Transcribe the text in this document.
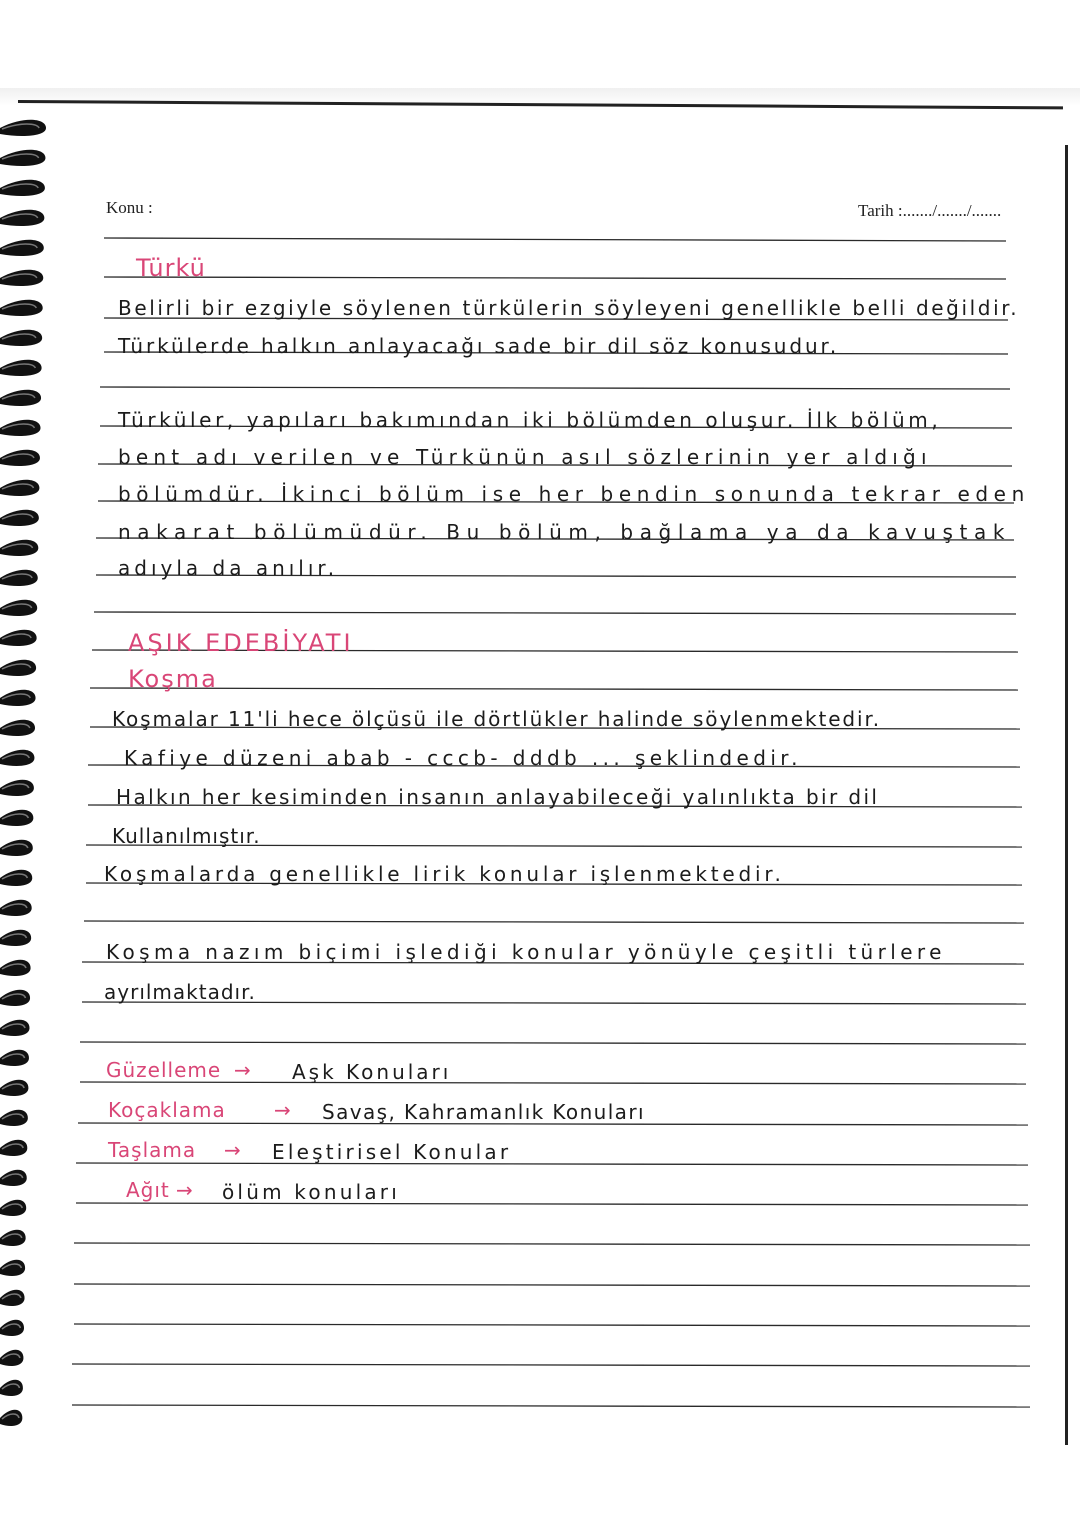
Konu :	Tarih :......./......./.......
Türkü
Belirli bir ezgiyle söylenen türkülerin söyleyeni genellikle belli değildir.
Türkülerde halkın anlayacağı sade bir dil söz konusudur.
Türküler, yapıları bakımından iki bölümden oluşur. İlk bölüm,
bent adı verilen ve Türkünün asıl sözlerinin yer aldığı
bölümdür. İkinci bölüm ise her bendin sonunda tekrar eden
nakarat bölümüdür. Bu bölüm, bağlama ya da kavuştak
adıyla da anılır.
AŞIK EDEBİYATI
Koşma
Koşmalar 11'li hece ölçüsü ile dörtlükler halinde söylenmektedir.
Kafiye düzeni abab - cccb- dddb ... şeklindedir.
Halkın her kesiminden insanın anlayabileceği yalınlıkta bir dil
Kullanılmıştır.
Koşmalarda genellikle lirik konular işlenmektedir.
Koşma nazım biçimi işlediği konular yönüyle çeşitli türlere
ayrılmaktadır.
Güzelleme → Aşk Konuları
Koçaklama → Savaş, Kahramanlık Konuları
Taşlama → Eleştirisel Konular
Ağıt → ölüm konuları
